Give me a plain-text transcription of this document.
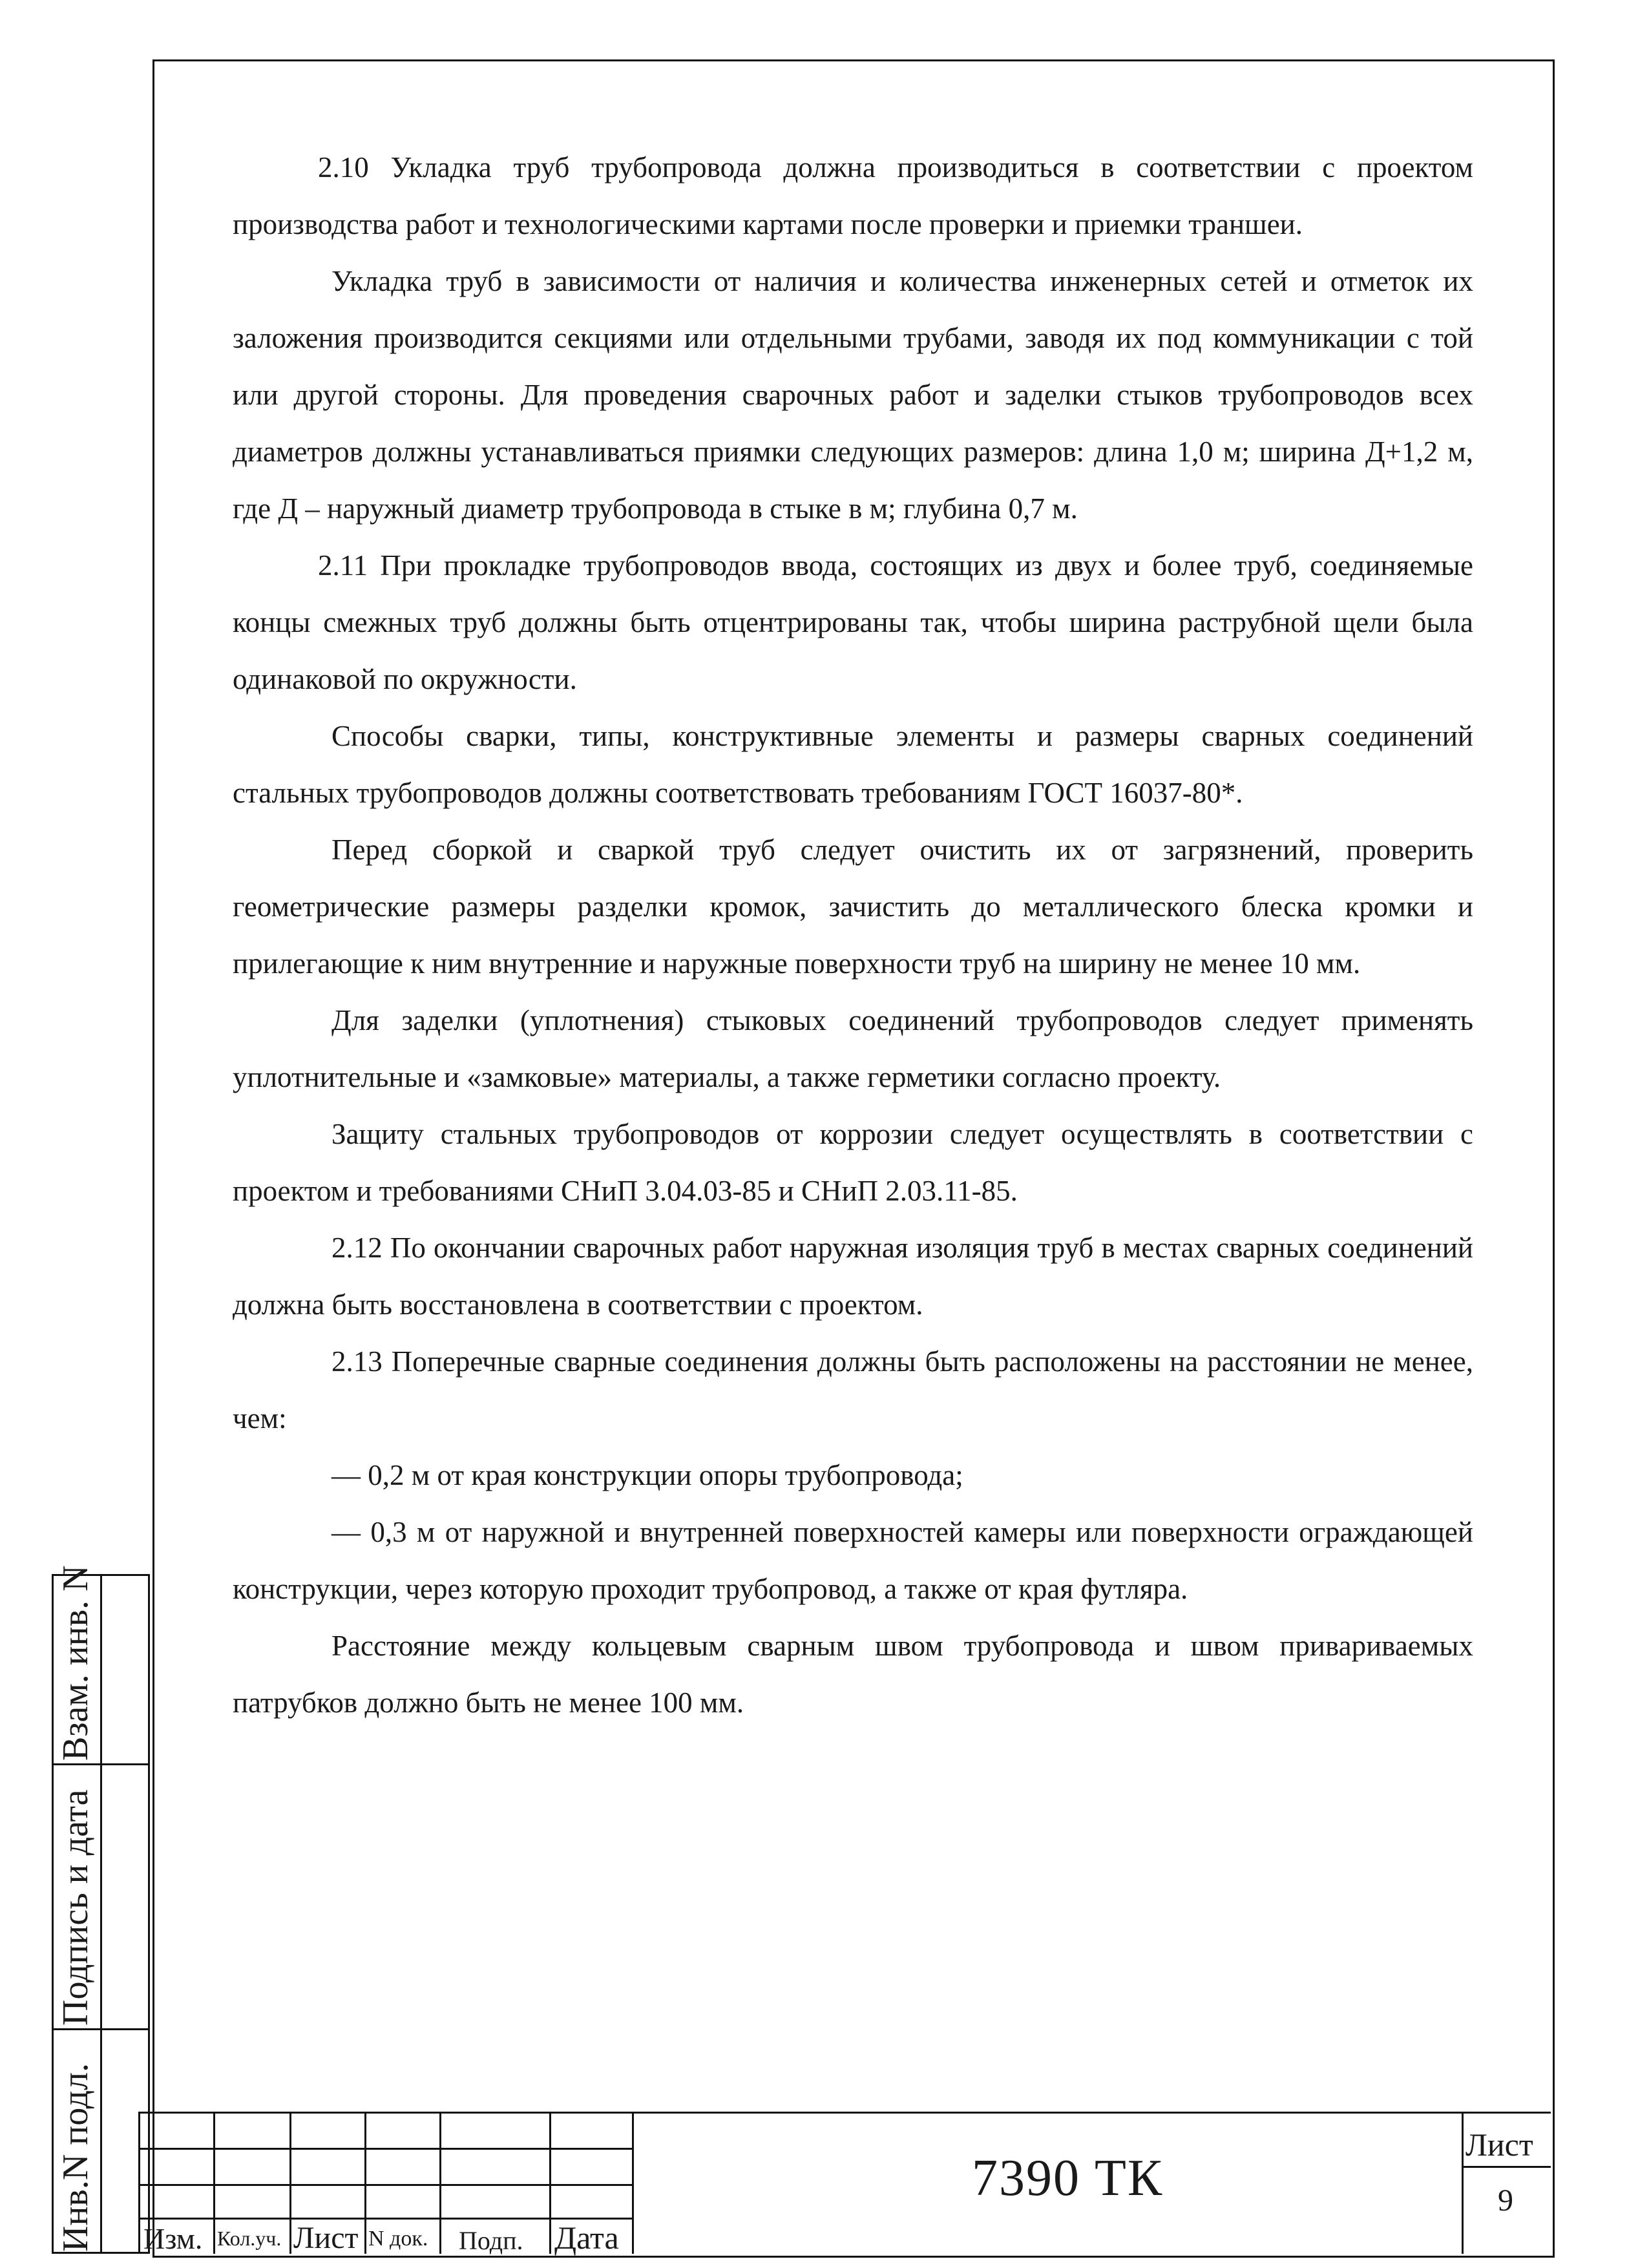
2.10 Укладка труб трубопровода должна производиться в соответствии с проектом производства работ и технологическими картами после проверки и приемки траншеи.

Укладка труб в зависимости от наличия и количества инженерных сетей и отметок их заложения производится секциями или отдельными трубами, заводя их под коммуникации с той или другой стороны. Для проведения сварочных работ и заделки стыков трубопроводов всех диаметров должны устанавливаться приямки следующих размеров: длина 1,0 м; ширина Д+1,2 м, где Д – наружный диаметр трубопровода в стыке в м; глубина 0,7 м.

2.11 При прокладке трубопроводов ввода, состоящих из двух и более труб, соединяемые концы смежных труб должны быть отцентрированы так, чтобы ширина раструбной щели была одинаковой по окружности.

Способы сварки, типы, конструктивные элементы и размеры сварных соединений стальных трубопроводов должны соответствовать требованиям ГОСТ 16037-80*.

Перед сборкой и сваркой труб следует очистить их от загрязнений, проверить геометрические размеры разделки кромок, зачистить до металлического блеска кромки и прилегающие к ним внутренние и наружные поверхности труб на ширину не менее 10 мм.

Для заделки (уплотнения) стыковых соединений трубопроводов следует применять уплотнительные и «замковые» материалы, а также герметики согласно проекту.

Защиту стальных трубопроводов от коррозии следует осуществлять в соответствии с проектом и требованиями СНиП 3.04.03-85 и СНиП 2.03.11-85.

2.12 По окончании сварочных работ наружная изоляция труб в местах сварных соединений должна быть восстановлена в соответствии с проектом.

2.13 Поперечные сварные соединения должны быть расположены на расстоянии не менее, чем:

— 0,2 м от края конструкции опоры трубопровода;

— 0,3 м от наружной и внутренней поверхностей камеры или поверхности ограждающей конструкции, через которую проходит трубопровод, а также от края футляра.

Расстояние между кольцевым сварным швом трубопровода и швом привариваемых патрубков должно быть не менее 100 мм.

Взам. инв. N
Подпись и дата
Инв.N подл. Изм. Кол.уч. Лист N док. Подп. Дата
7390 ТК
Лист
9
